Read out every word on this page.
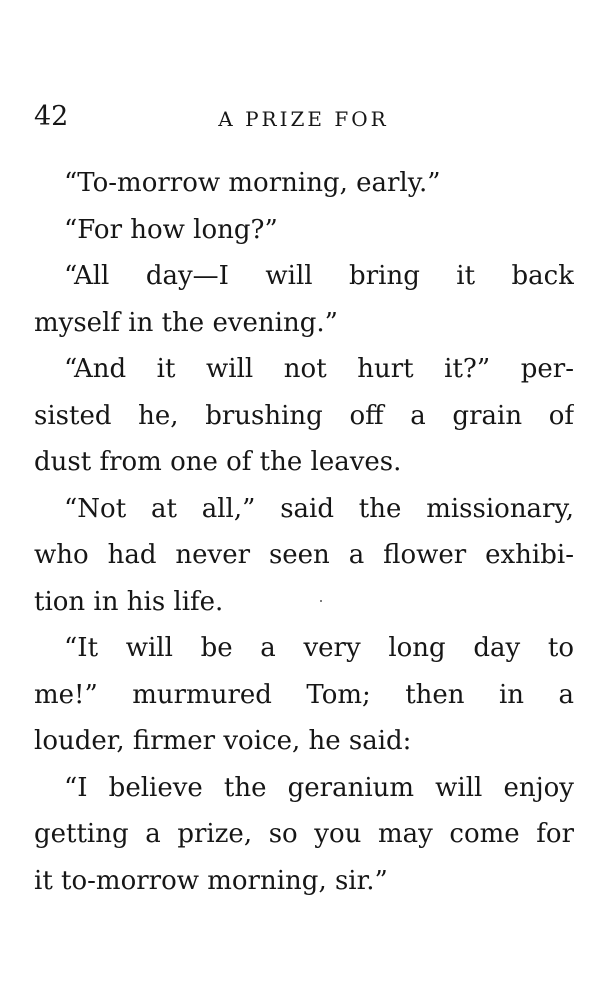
42	A PRIZE FOR
“To-morrow morning, early.”
“For how long?”
“All day—I will bring it back
myself in the evening.”
“And it will not hurt it?” per-
sisted he, brushing off a grain of
dust from one of the leaves.
“Not at all,” said the missionary,
who had never seen a flower exhibi-
tion in his life.
“It will be a very long day to
me!” murmured Tom; then in a
louder, firmer voice, he said:
“I believe the geranium will enjoy
getting a prize, so you may come for
it to-morrow morning, sir.”
